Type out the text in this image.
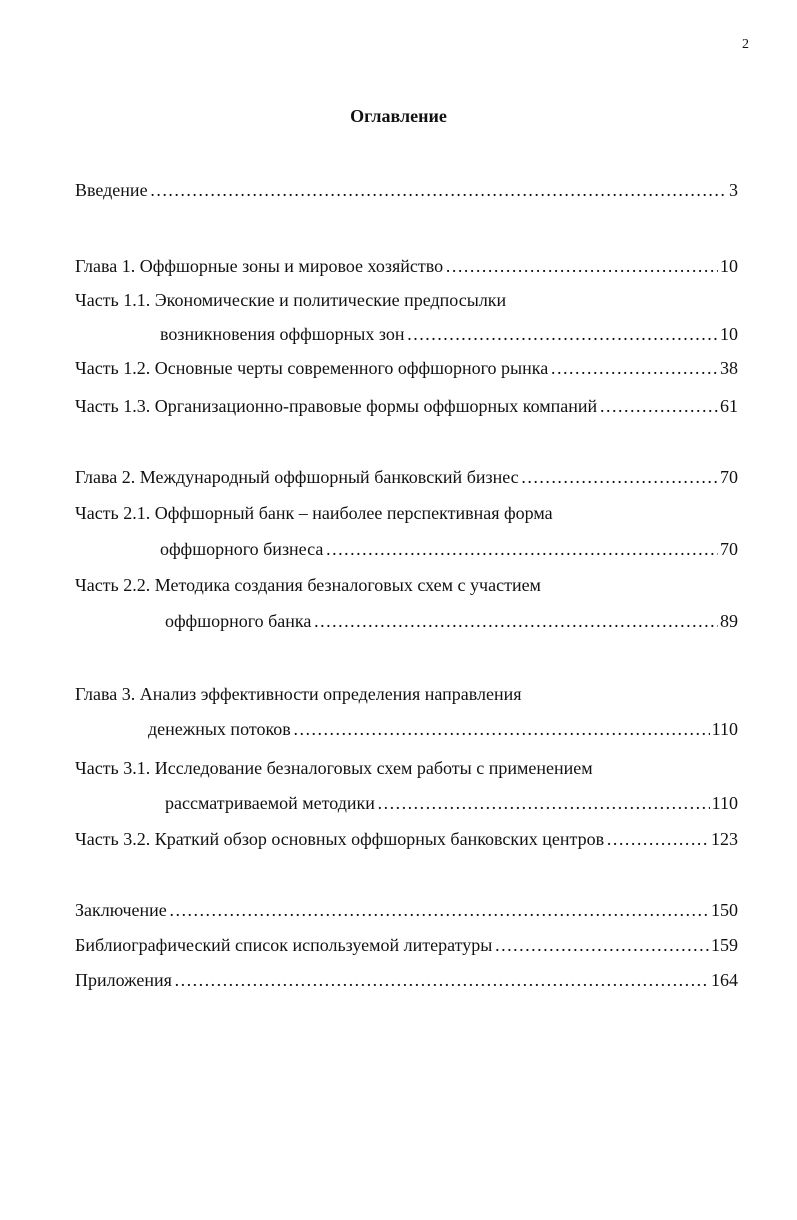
2
Оглавление
Введение ……………………………………………………………………………………………………………………………………………………………………………………………………………………	3
Глава 1. Оффшорные зоны и мировое хозяйство ……………………………………………………………………………………………………………………………………………………………………………………………………………………	10
Часть 1.1. Экономические и политические предпосылки
возникновения оффшорных зон ……………………………………………………………………………………………………………………………………………………………………………………………………………………	10
Часть 1.2. Основные черты современного оффшорного рынка ……………………………………………………………………………………………………………………………………………………………………………………………………………………	38
Часть 1.3. Организационно-правовые формы оффшорных компаний ……………………………………………………………………………………………………………………………………………………………………………………………………………………	61
Глава 2. Международный оффшорный банковский бизнес ……………………………………………………………………………………………………………………………………………………………………………………………………………………	70
Часть 2.1. Оффшорный банк – наиболее перспективная форма
оффшорного бизнеса ……………………………………………………………………………………………………………………………………………………………………………………………………………………	70
Часть 2.2. Методика создания безналоговых схем с участием
оффшорного банка ……………………………………………………………………………………………………………………………………………………………………………………………………………………	89
Глава 3. Анализ эффективности определения направления
денежных потоков ……………………………………………………………………………………………………………………………………………………………………………………………………………………	110
Часть 3.1. Исследование безналоговых схем работы с применением
рассматриваемой методики ……………………………………………………………………………………………………………………………………………………………………………………………………………………	110
Часть 3.2. Краткий обзор основных оффшорных банковских центров ……………………………………………………………………………………………………………………………………………………………………………………………………………………	123
Заключение ……………………………………………………………………………………………………………………………………………………………………………………………………………………	150
Библиографический список используемой литературы ……………………………………………………………………………………………………………………………………………………………………………………………………………………	159
Приложения ……………………………………………………………………………………………………………………………………………………………………………………………………………………	164
